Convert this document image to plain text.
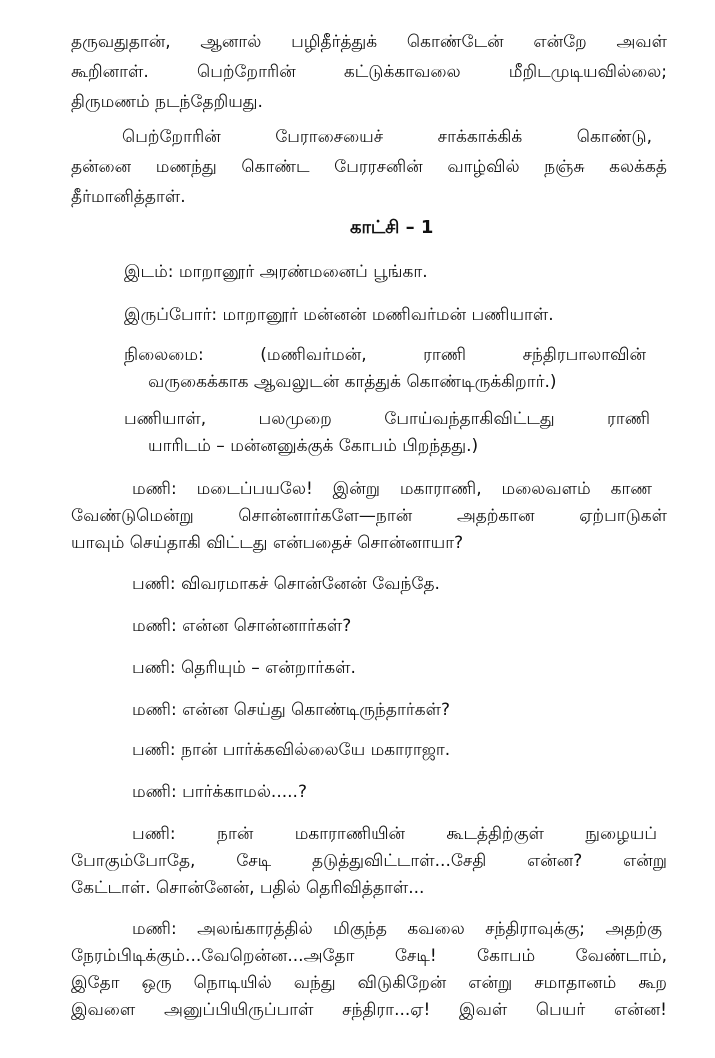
தருவதுதான், ஆனால் பழிதீர்த்துக் கொண்டேன் என்றே அவள்

கூறினாள். பெற்றோரின் கட்டுக்காவலை மீறிடமுடியவில்லை;

திருமணம் நடந்தேறியது.

பெற்றோரின் பேராசையைச் சாக்காக்கிக் கொண்டு,

தன்னை மணந்து கொண்ட பேரரசனின் வாழ்வில் நஞ்சு கலக்கத்

தீர்மானித்தாள்.

காட்சி – 1

இடம்: மாறானூர் அரண்மனைப் பூங்கா.

இருப்போர்: மாறானூர் மன்னன் மணிவர்மன் பணியாள்.

நிலைமை: (மணிவர்மன், ராணி சந்திரபாலாவின்

வருகைக்காக ஆவலுடன் காத்துக் கொண்டிருக்கிறார்.)

பணியாள், பலமுறை போய்வந்தாகிவிட்டது ராணி

யாரிடம் – மன்னனுக்குக் கோபம் பிறந்தது.)

மணி: மடைப்பயலே! இன்று மகாராணி, மலைவளம் காண

வேண்டுமென்று சொன்னார்களே—நான் அதற்கான ஏற்பாடுகள்

யாவும் செய்தாகி விட்டது என்பதைச் சொன்னாயா?

பணி: விவரமாகச் சொன்னேன் வேந்தே.

மணி: என்ன சொன்னார்கள்?

பணி: தெரியும் – என்றார்கள்.

மணி: என்ன செய்து கொண்டிருந்தார்கள்?

பணி: நான் பார்க்கவில்லையே மகாராஜா.

மணி: பார்க்காமல்.....?

பணி: நான் மகாராணியின் கூடத்திற்குள் நுழையப்

போகும்போதே, சேடி தடுத்துவிட்டாள்...சேதி என்ன? என்று

கேட்டாள். சொன்னேன், பதில் தெரிவித்தாள்...

மணி: அலங்காரத்தில் மிகுந்த கவலை சந்திராவுக்கு; அதற்கு

நேரம்பிடிக்கும்...வேறென்ன...அதோ சேடி! கோபம் வேண்டாம்,

இதோ ஒரு நொடியில் வந்து விடுகிறேன் என்று சமாதானம் கூற

இவளை அனுப்பியிருப்பாள் சந்திரா...ஏ! இவள் பெயர் என்ன!
